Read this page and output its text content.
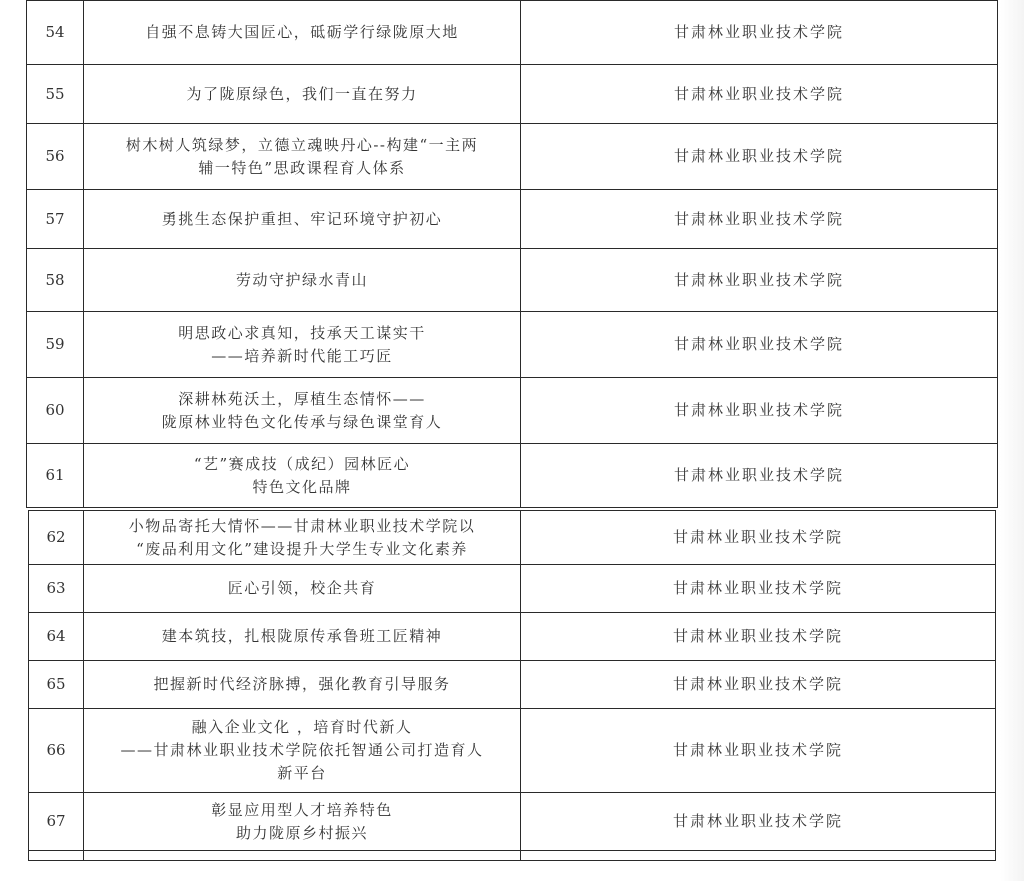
54	自强不息铸大国匠心，砥砺学行绿陇原大地	甘肃林业职业技术学院
55	为了陇原绿色，我们一直在努力	甘肃林业职业技术学院
56	树木树人筑绿梦，立德立魂映丹心--构建“一主两
辅一特色”思政课程育人体系	甘肃林业职业技术学院
57	勇挑生态保护重担、牢记环境守护初心	甘肃林业职业技术学院
58	劳动守护绿水青山	甘肃林业职业技术学院
59	明思政心求真知，技承天工谋实干
——培养新时代能工巧匠	甘肃林业职业技术学院
60	深耕林苑沃土，厚植生态情怀——
陇原林业特色文化传承与绿色课堂育人	甘肃林业职业技术学院
61	“艺”赛成技（成纪）园林匠心
特色文化品牌	甘肃林业职业技术学院
62	小物品寄托大情怀——甘肃林业职业技术学院以
“废品利用文化”建设提升大学生专业文化素养	甘肃林业职业技术学院
63	匠心引领，校企共育	甘肃林业职业技术学院
64	建本筑技，扎根陇原传承鲁班工匠精神	甘肃林业职业技术学院
65	把握新时代经济脉搏，强化教育引导服务	甘肃林业职业技术学院
66	融入企业文化 ，培育时代新人
——甘肃林业职业技术学院依托智通公司打造育人
新平台	甘肃林业职业技术学院
67	彰显应用型人才培养特色
助力陇原乡村振兴	甘肃林业职业技术学院
